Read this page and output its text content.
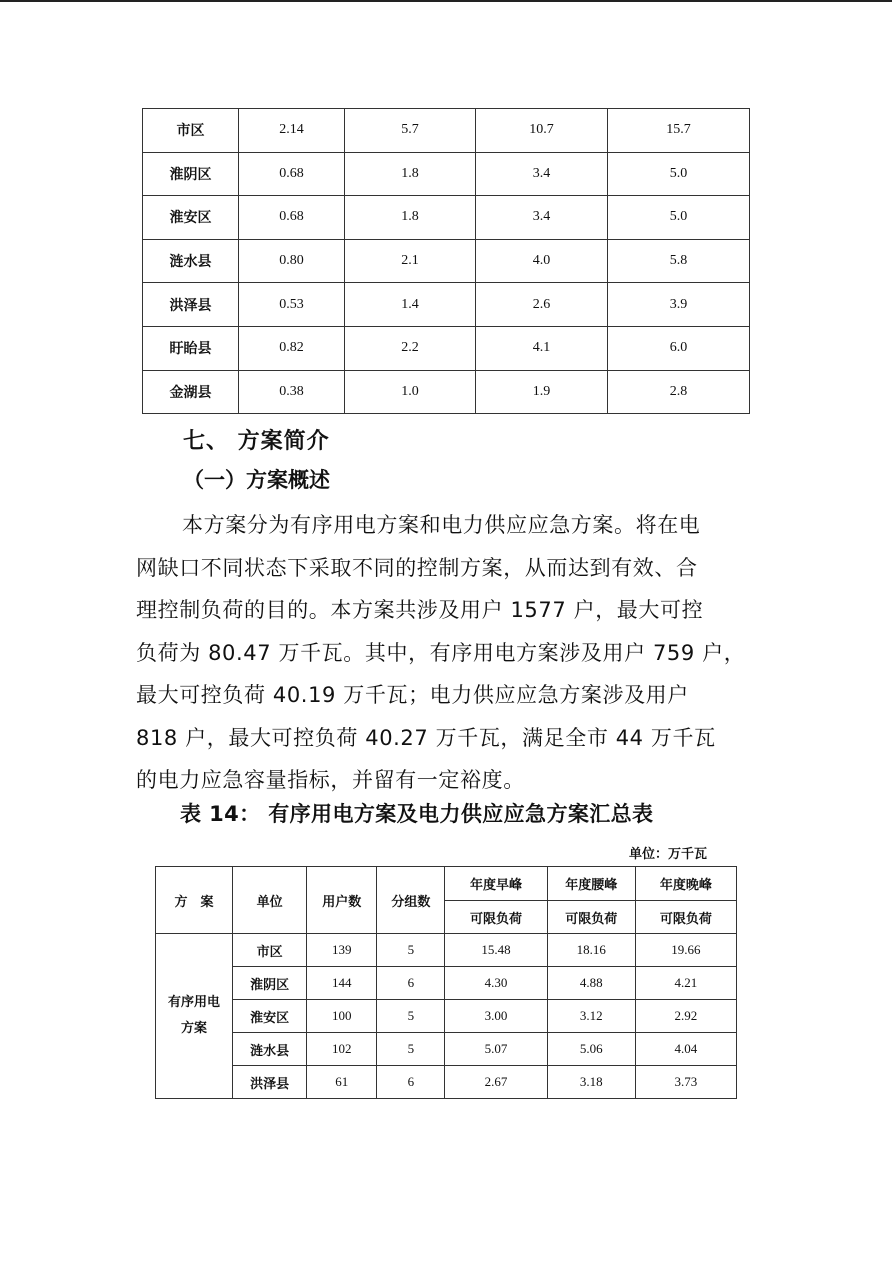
市区	2.14	5.7	10.7	15.7
淮阴区	0.68	1.8	3.4	5.0
淮安区	0.68	1.8	3.4	5.0
涟水县	0.80	2.1	4.0	5.8
洪泽县	0.53	1.4	2.6	3.9
盱眙县	0.82	2.2	4.1	6.0
金湖县	0.38	1.0	1.9	2.8
七、 方案简介
（一）方案概述
本方案分为有序用电方案和电力供应应急方案。将在电
网缺口不同状态下采取不同的控制方案，从而达到有效、合
理控制负荷的目的。本方案共涉及用户 1577 户，最大可控
负荷为 80.47 万千瓦。其中，有序用电方案涉及用户 759 户，
最大可控负荷 40.19 万千瓦；电力供应应急方案涉及用户
818 户，最大可控负荷 40.27 万千瓦，满足全市 44 万千瓦
的电力应急容量指标，并留有一定裕度。
表 14： 有序用电方案及电力供应应急方案汇总表
单位：万千瓦
方　案	单位	用户数	分组数	年度早峰	年度腰峰	年度晚峰
				可限负荷	可限负荷	可限负荷

有序用电
方案	市区	139	5	15.48	18.16	19.66
	淮阴区	144	6	4.30	4.88	4.21
	淮安区	100	5	3.00	3.12	2.92
	涟水县	102	5	5.07	5.06	4.04
	洪泽县	61	6	2.67	3.18	3.73
